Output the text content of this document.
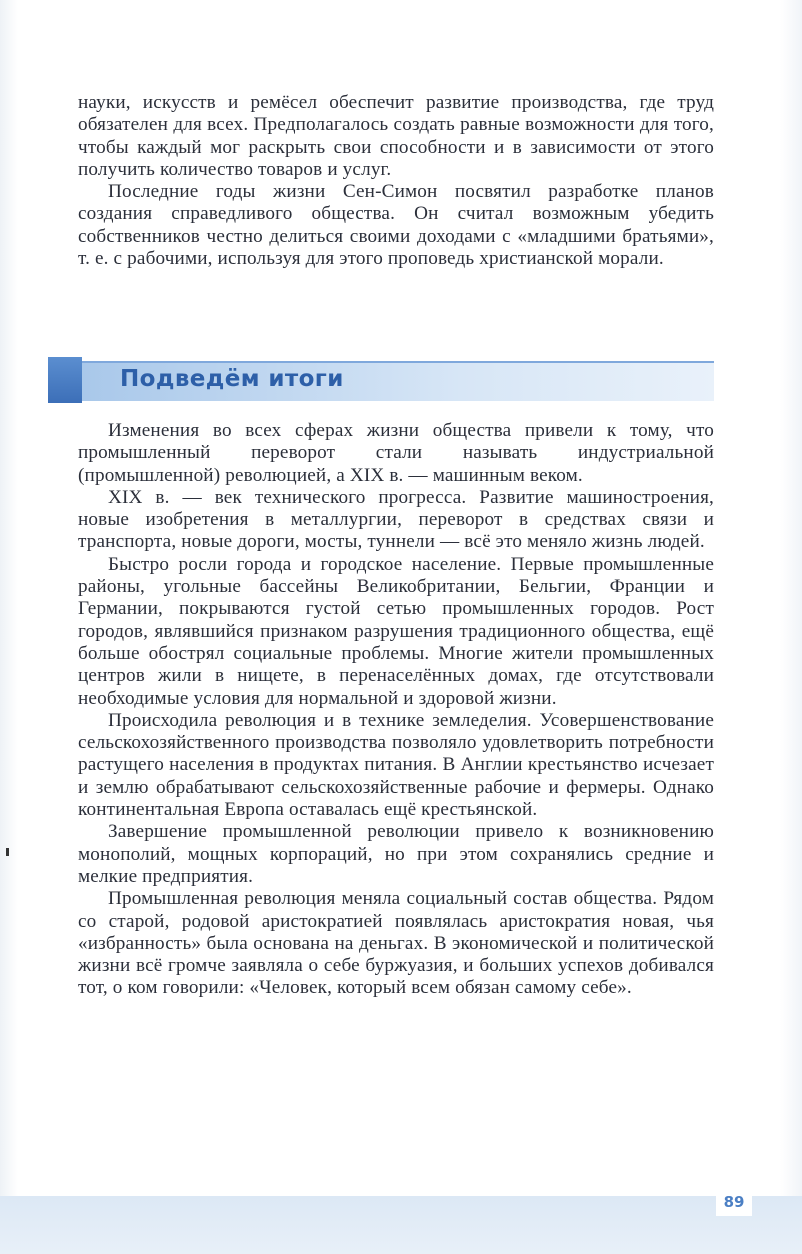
науки, искусств и ремёсел обеспечит развитие производства, где труд обязателен для всех. Предполагалось создать равные возможности для того, чтобы каждый мог раскрыть свои способности и в зависимости от этого получить количество товаров и услуг.

Последние годы жизни Сен-Симон посвятил разработке планов создания справедливого общества. Он считал возможным убедить собственников честно делиться своими доходами с «младшими братьями», т. е. с рабочими, используя для этого проповедь христианской морали.

Подведём итоги

Изменения во всех сферах жизни общества привели к тому, что промышленный переворот стали называть индустриальной (промышленной) революцией, а XIX в. — машинным веком.

XIX в. — век технического прогресса. Развитие машиностроения, новые изобретения в металлургии, переворот в средствах связи и транспорта, новые дороги, мосты, туннели — всё это меняло жизнь людей.

Быстро росли города и городское население. Первые промышленные районы, угольные бассейны Великобритании, Бельгии, Франции и Германии, покрываются густой сетью промышленных городов. Рост городов, являвшийся признаком разрушения традиционного общества, ещё больше обострял социальные проблемы. Многие жители промышленных центров жили в нищете, в перенаселённых домах, где отсутствовали необходимые условия для нормальной и здоровой жизни.

Происходила революция и в технике земледелия. Усовершенствование сельскохозяйственного производства позволяло удовлетворить потребности растущего населения в продуктах питания. В Англии крестьянство исчезает и землю обрабатывают сельскохозяйственные рабочие и фермеры. Однако континентальная Европа оставалась ещё крестьянской.

Завершение промышленной революции привело к возникновению монополий, мощных корпораций, но при этом сохранялись средние и мелкие предприятия.

Промышленная революция меняла социальный состав общества. Рядом со старой, родовой аристократией появлялась аристократия новая, чья «избранность» была основана на деньгах. В экономической и политической жизни всё громче заявляла о себе буржуазия, и больших успехов добивался тот, о ком говорили: «Человек, который всем обязан самому себе».

89
